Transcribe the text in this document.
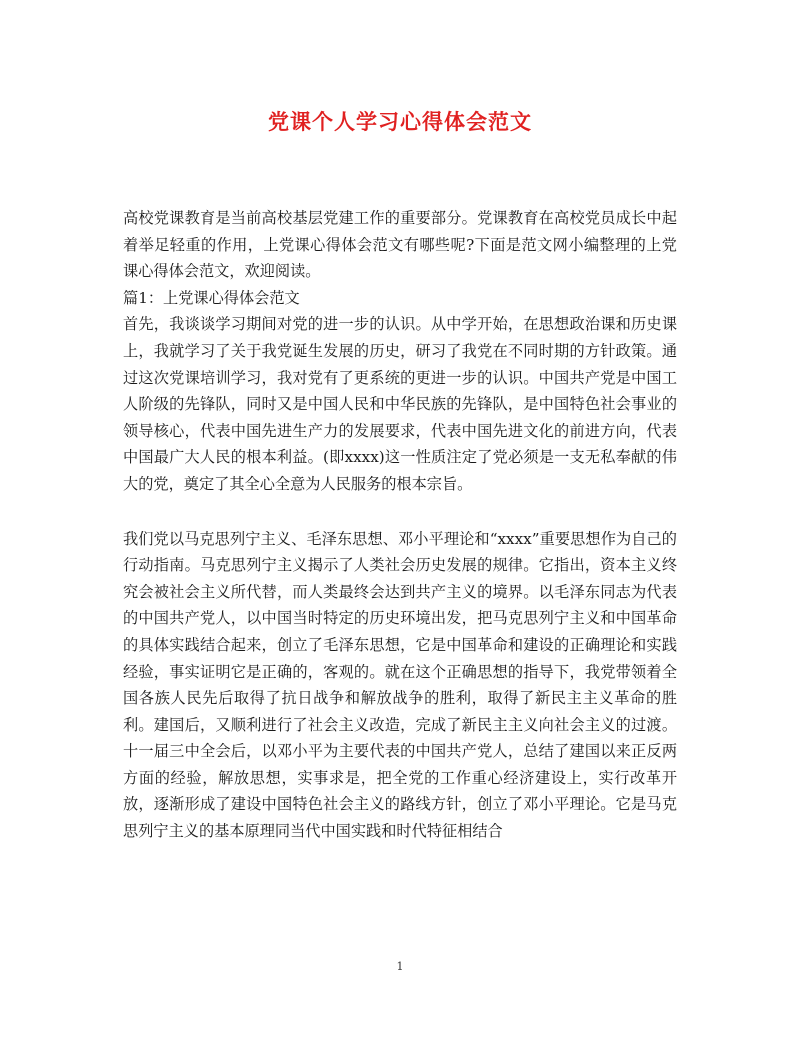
党课个人学习心得体会范文

高校党课教育是当前高校基层党建工作的重要部分。党课教育在高校党员成长中起着举足轻重的作用，上党课心得体会范文有哪些呢?下面是范文网小编整理的上党课心得体会范文，欢迎阅读。

篇1：上党课心得体会范文

首先，我谈谈学习期间对党的进一步的认识。从中学开始，在思想政治课和历史课上，我就学习了关于我党诞生发展的历史，研习了我党在不同时期的方针政策。通过这次党课培训学习，我对党有了更系统的更进一步的认识。中国共产党是中国工人阶级的先锋队，同时又是中国人民和中华民族的先锋队，是中国特色社会事业的领导核心，代表中国先进生产力的发展要求，代表中国先进文化的前进方向，代表中国最广大人民的根本利益。(即xxxx)这一性质注定了党必须是一支无私奉献的伟大的党，奠定了其全心全意为人民服务的根本宗旨。

我们党以马克思列宁主义、毛泽东思想、邓小平理论和“xxxx”重要思想作为自己的行动指南。马克思列宁主义揭示了人类社会历史发展的规律。它指出，资本主义终究会被社会主义所代替，而人类最终会达到共产主义的境界。以毛泽东同志为代表的中国共产党人，以中国当时特定的历史环境出发，把马克思列宁主义和中国革命的具体实践结合起来，创立了毛泽东思想，它是中国革命和建设的正确理论和实践经验，事实证明它是正确的，客观的。就在这个正确思想的指导下，我党带领着全国各族人民先后取得了抗日战争和解放战争的胜利，取得了新民主主义革命的胜利。建国后，又顺利进行了社会主义改造，完成了新民主主义向社会主义的过渡。十一届三中全会后，以邓小平为主要代表的中国共产党人，总结了建国以来正反两方面的经验，解放思想，实事求是，把全党的工作重心经济建设上，实行改革开放，逐渐形成了建设中国特色社会主义的路线方针，创立了邓小平理论。它是马克思列宁主义的基本原理同当代中国实践和时代特征相结合

1
